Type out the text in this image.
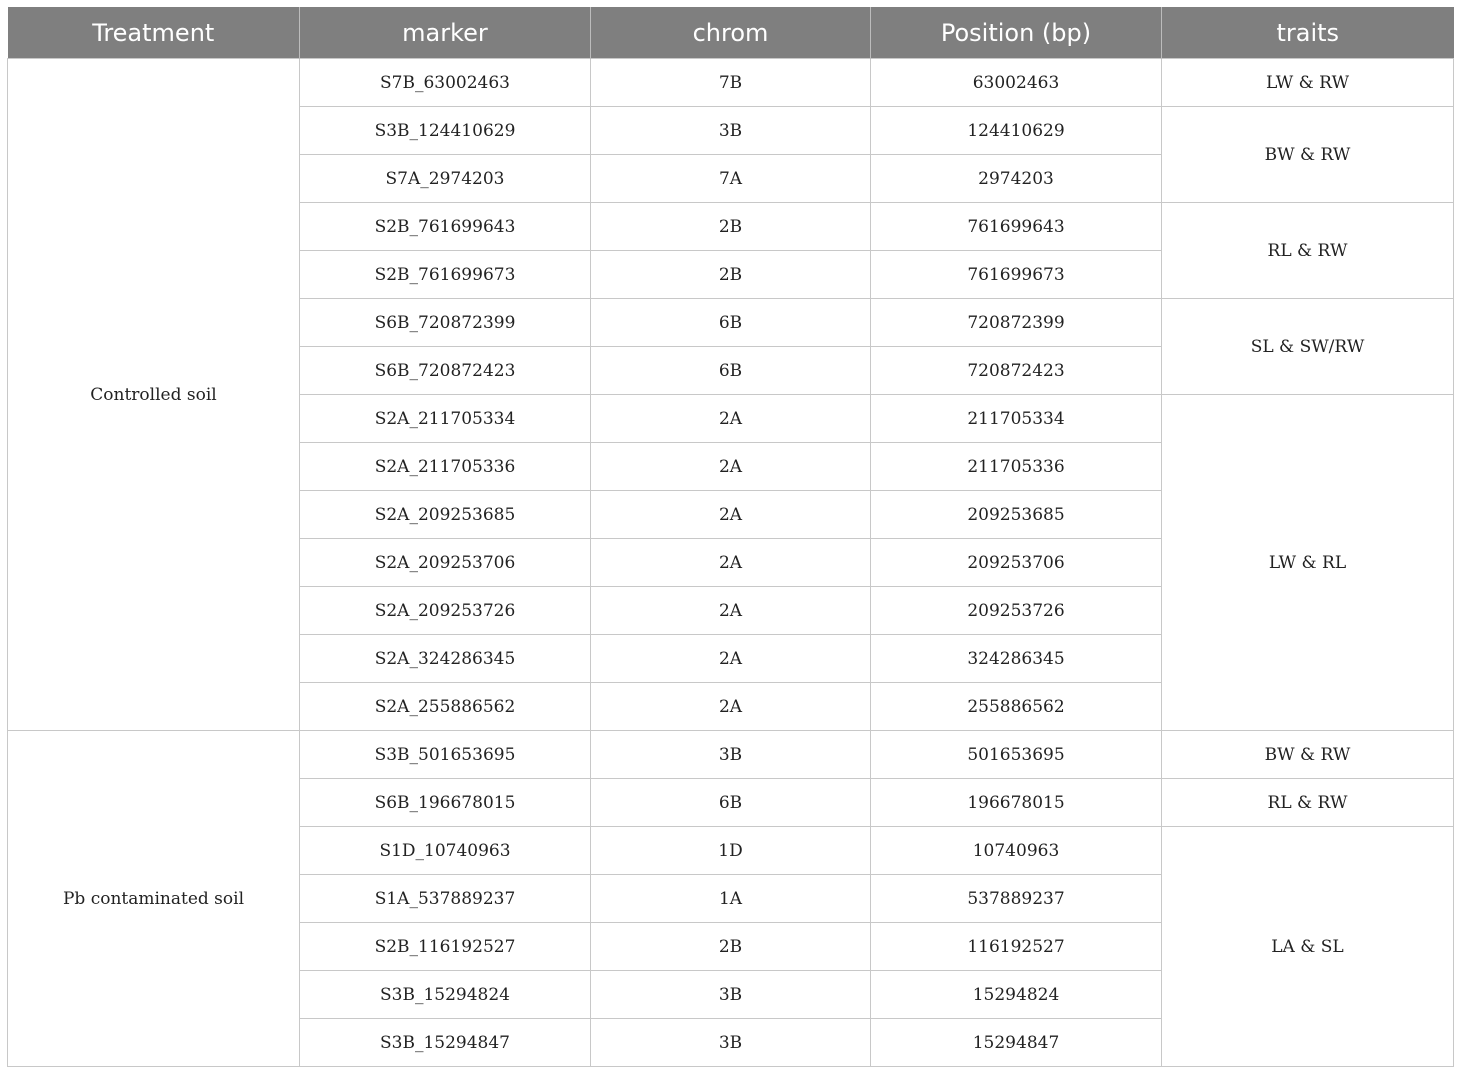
Treatment	marker	chrom	Position (bp)	traits
Controlled soil	S7B_63002463	7B	63002463	LW & RW
	S3B_124410629	3B	124410629	BW & RW
	S7A_2974203	7A	2974203	
	S2B_761699643	2B	761699643	RL & RW
	S2B_761699673	2B	761699673	
	S6B_720872399	6B	720872399	SL & SW/RW
	S6B_720872423	6B	720872423	
	S2A_211705334	2A	211705334	LW & RL
	S2A_211705336	2A	211705336	
	S2A_209253685	2A	209253685	
	S2A_209253706	2A	209253706	
	S2A_209253726	2A	209253726	
	S2A_324286345	2A	324286345	
	S2A_255886562	2A	255886562	
Pb contaminated soil	S3B_501653695	3B	501653695	BW & RW
	S6B_196678015	6B	196678015	RL & RW
	S1D_10740963	1D	10740963	LA & SL
	S1A_537889237	1A	537889237	
	S2B_116192527	2B	116192527	
	S3B_15294824	3B	15294824	
	S3B_15294847	3B	15294847	
